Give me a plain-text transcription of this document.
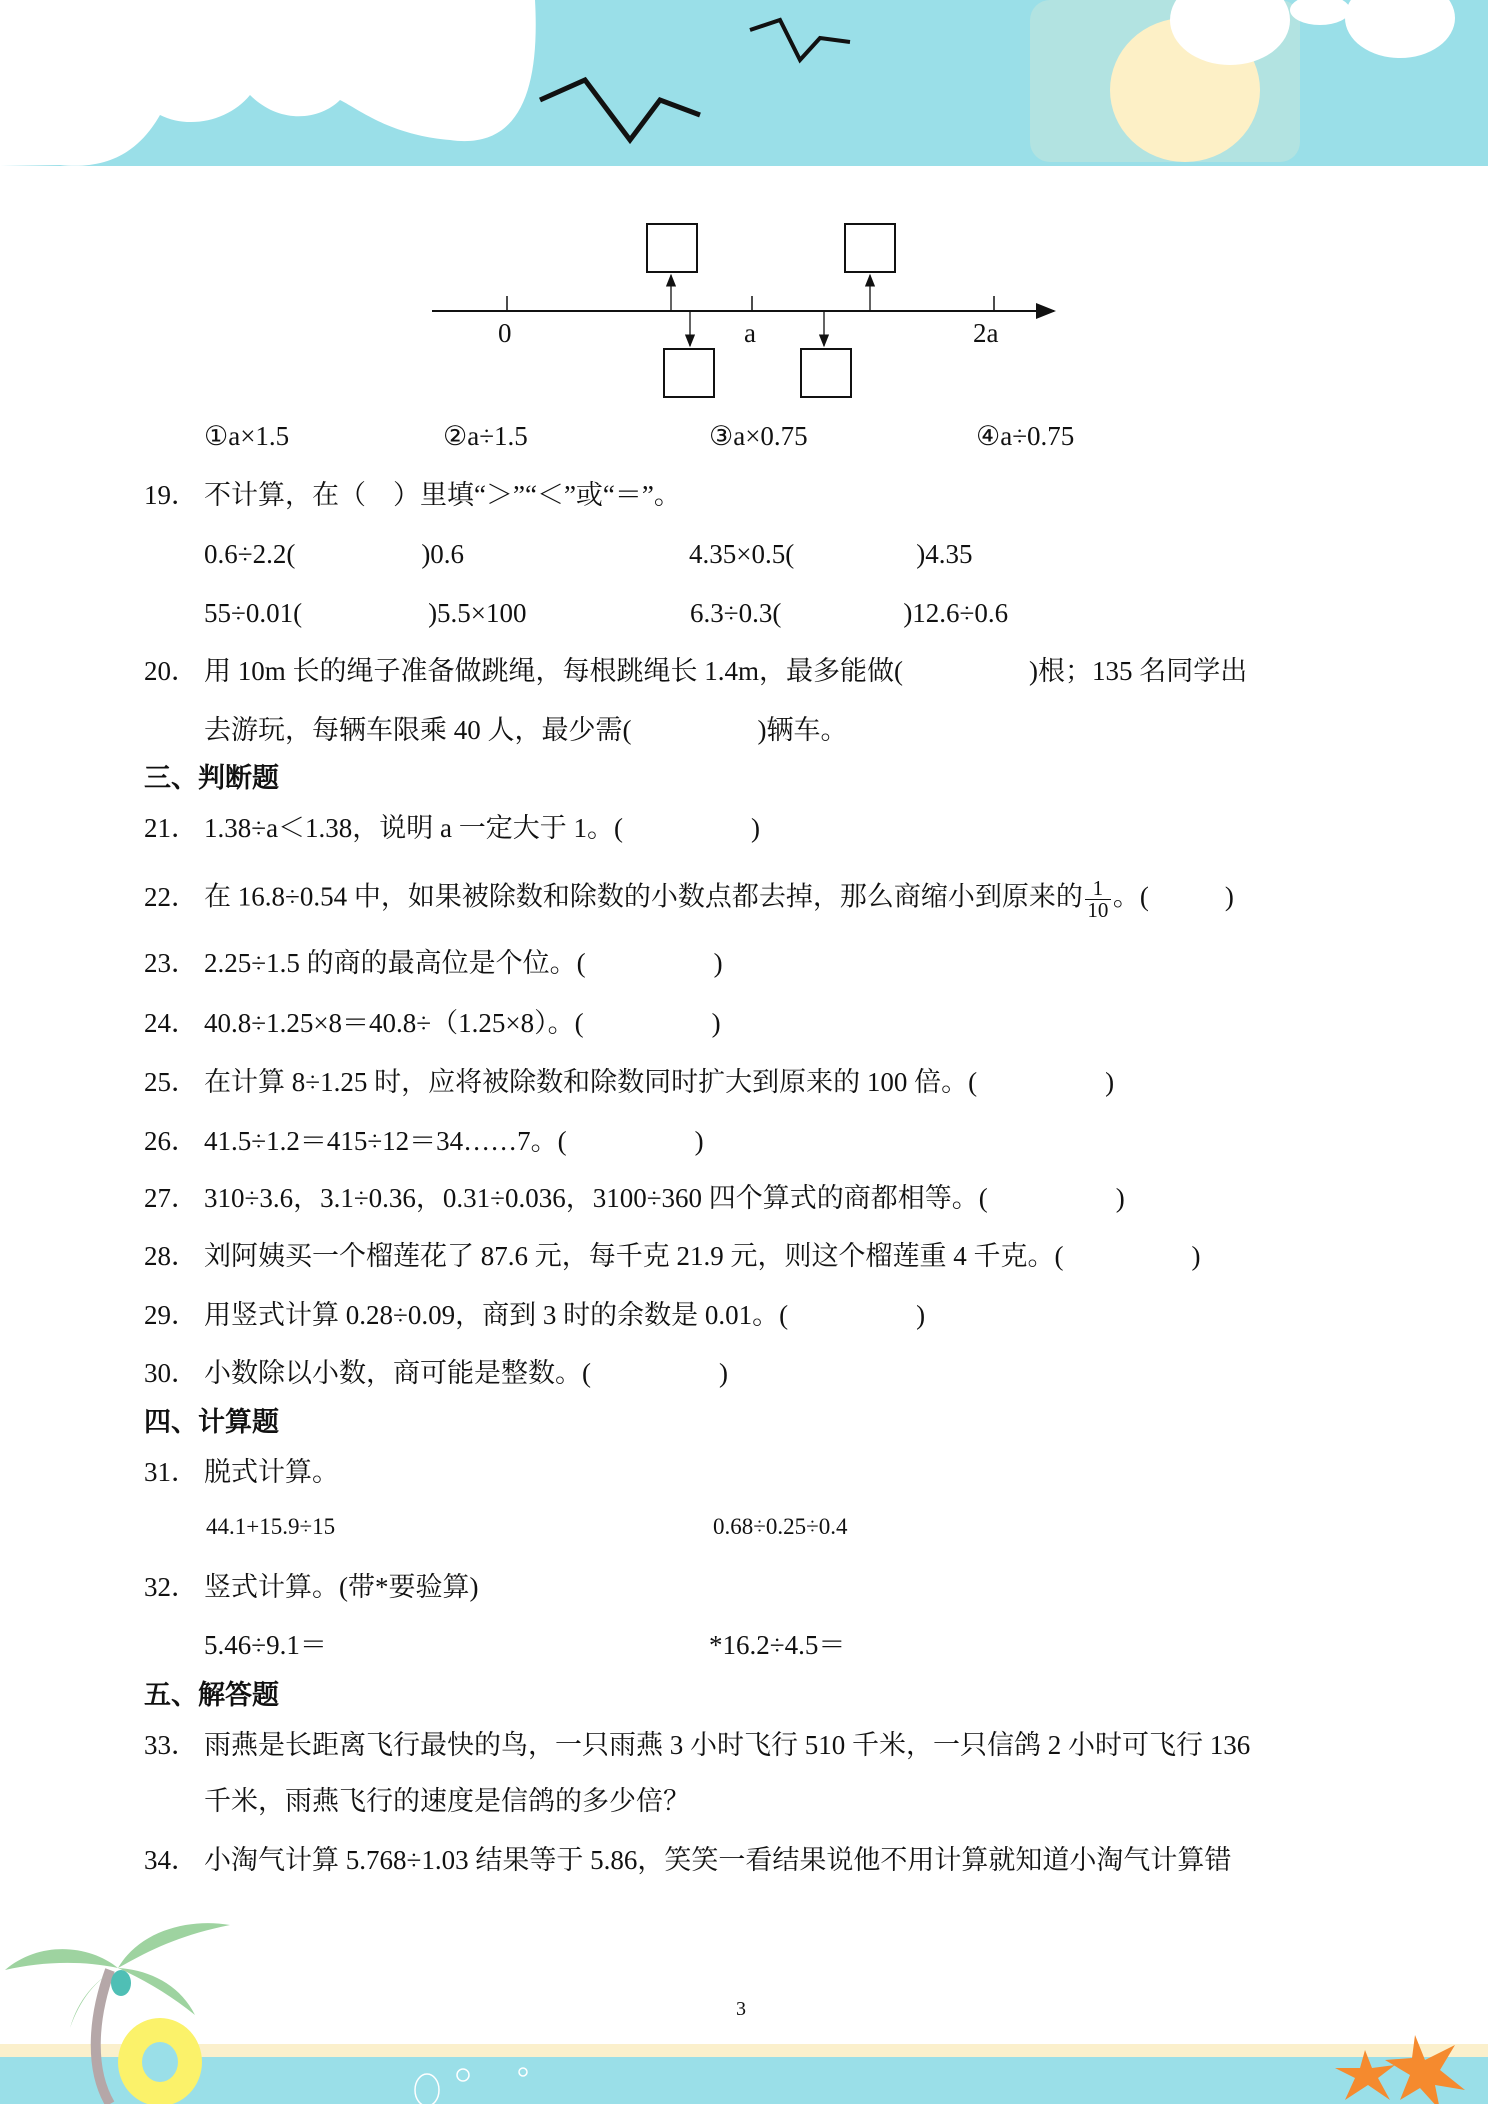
0	a	2a
①a×1.5	②a÷1.5	③a×0.75	④a÷0.75
19． 不计算，在（　）里填“＞”“＜”或“＝”。
0.6÷2.2(	)0.6	4.35×0.5(	)4.35
55÷0.01(	)5.5×100	6.3÷0.3(	)12.6÷0.6
20． 用 10m 长的绳子准备做跳绳，每根跳绳长 1.4m，最多能做(	)根；135 名同学出
去游玩，每辆车限乘 40 人，最少需(	)辆车。
三、判断题
21． 1.38÷a＜1.38，说明 a 一定大于 1。(	)
22． 在 16.8÷0.54 中，如果被除数和除数的小数点都去掉，那么商缩小到原来的 $\frac{1}{10}$ 。(	)
23． 2.25÷1.5 的商的最高位是个位。(	)
24． 40.8÷1.25×8＝40.8÷（1.25×8）。(	)
25． 在计算 8÷1.25 时，应将被除数和除数同时扩大到原来的 100 倍。(	)
26． 41.5÷1.2＝415÷12＝34……7。(	)
27． 310÷3.6，3.1÷0.36，0.31÷0.036，3100÷360 四个算式的商都相等。(	)
28． 刘阿姨买一个榴莲花了 87.6 元，每千克 21.9 元，则这个榴莲重 4 千克。(	)
29． 用竖式计算 0.28÷0.09，商到 3 时的余数是 0.01。(	)
30． 小数除以小数，商可能是整数。(	)
四、计算题
31． 脱式计算。
44.1+15.9÷15	0.68÷0.25÷0.4
32． 竖式计算。(带*要验算)
5.46÷9.1＝	*16.2÷4.5＝
五、解答题
33． 雨燕是长距离飞行最快的鸟，一只雨燕 3 小时飞行 510 千米，一只信鸽 2 小时可飞行 136
千米，雨燕飞行的速度是信鸽的多少倍？
34． 小淘气计算 5.768÷1.03 结果等于 5.86，笑笑一看结果说他不用计算就知道小淘气计算错
3
